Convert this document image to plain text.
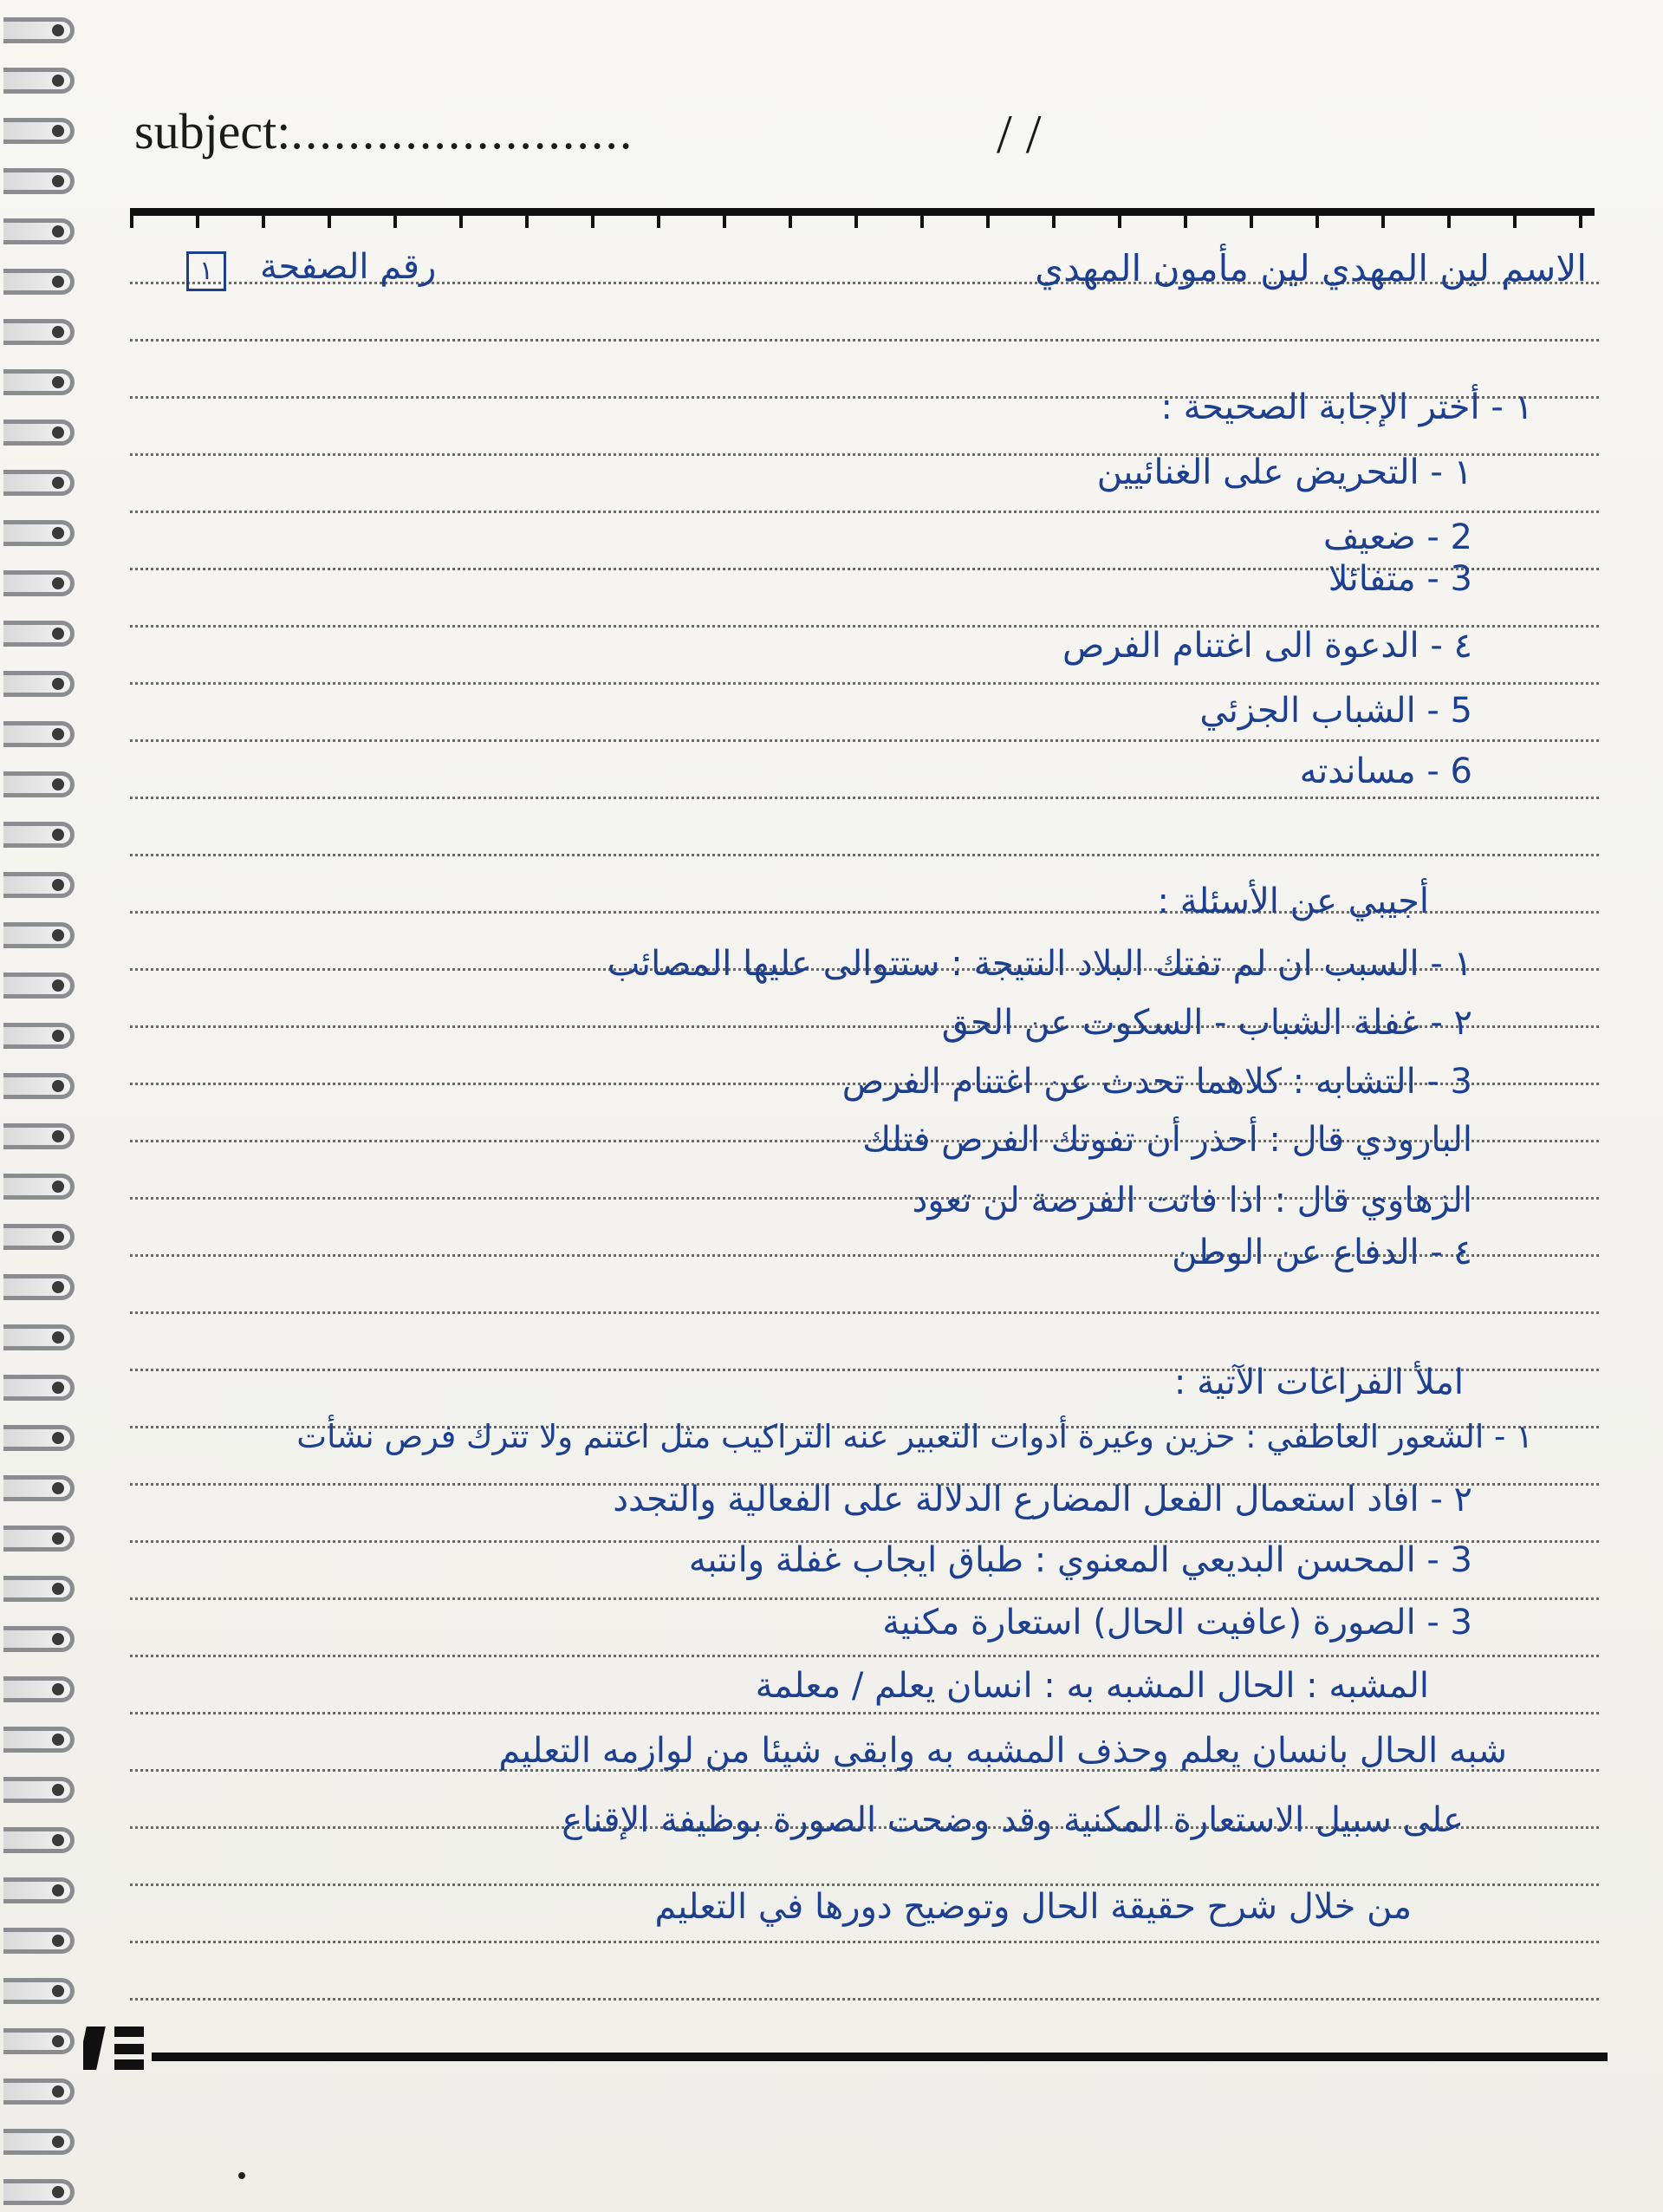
subject:........................	/ /
الاسم لين المهدي لين مأمون المهدي
رقم الصفحة
١
١ - أختر الإجابة الصحيحة :
١ - التحريض على الغنائيين
2 - ضعيف
3 - متفائلا
٤ - الدعوة الى اغتنام الفرص
5 - الشباب الجزئي
6 - مساندته
أجيبي عن الأسئلة :
١ - السبب ان لم تفتك البلاد النتيجة : ستتوالى عليها المصائب
٢ - غفلة الشباب - السكوت عن الحق
3 - التشابه : كلاهما تحدث عن اغتنام الفرص
البارودي قال : أحذر أن تفوتك الفرص فتلك
الزهاوي قال : اذا فاتت الفرصة لن تعود
٤ - الدفاع عن الوطن
املأ الفراغات الآتية :
١ - الشعور العاطفي : حزين وغيرة أدوات التعبير عنه التراكيب مثل اغتنم ولا تترك فرص نشأت
٢ - افاد استعمال الفعل المضارع الدلالة على الفعالية والتجدد
3 - المحسن البديعي المعنوي : طباق ايجاب غفلة وانتبه
3 - الصورة (عافيت الحال) استعارة مكنية
المشبه : الحال المشبه به : انسان يعلم / معلمة
شبه الحال بانسان يعلم وحذف المشبه به وابقى شيئا من لوازمه التعليم
على سبيل الاستعارة المكنية وقد وضحت الصورة بوظيفة الإقناع
من خلال شرح حقيقة الحال وتوضيح دورها في التعليم
